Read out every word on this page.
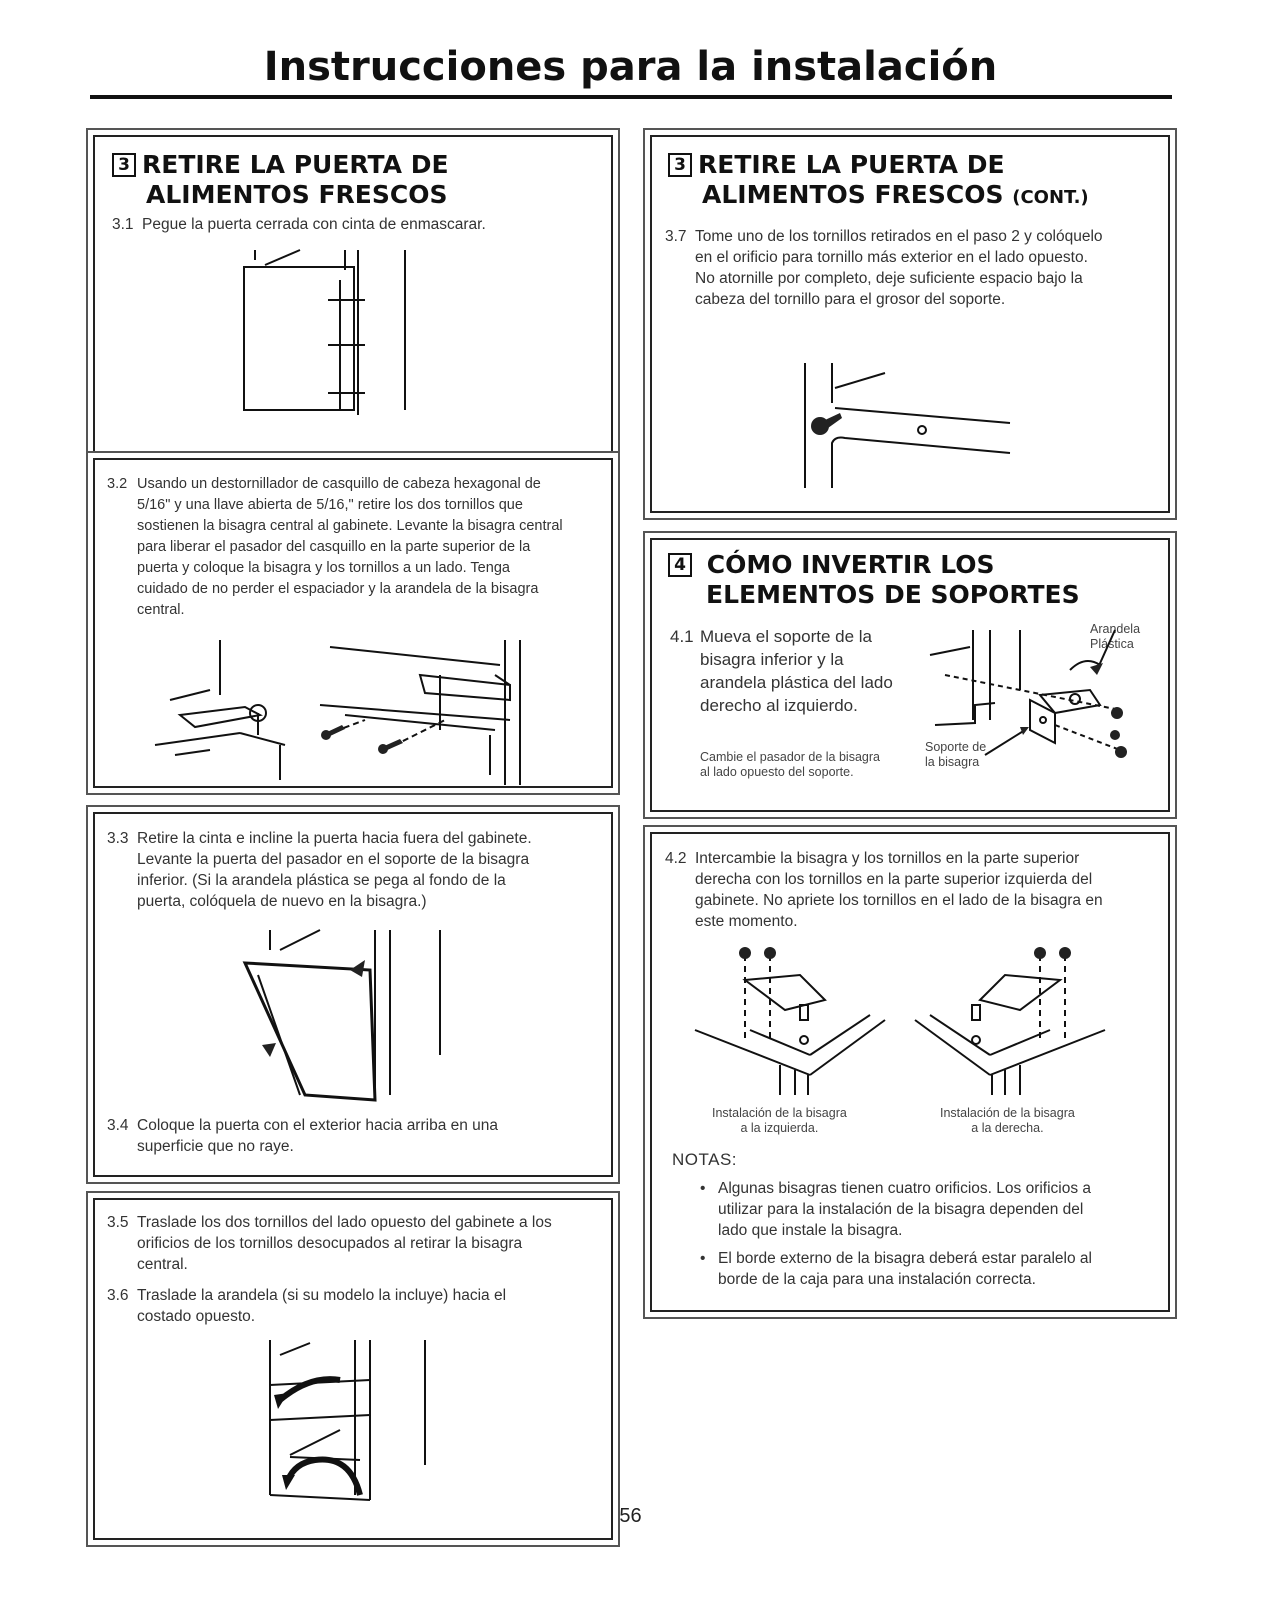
Instrucciones para la instalación
3 RETIRE LA PUERTA DE
ALIMENTOS FRESCOS

3.1 Pegue la puerta cerrada con cinta de enmascarar.

3.2 Usando un destornillador de casquillo de cabeza hexagonal de
5/16" y una llave abierta de 5/16," retire los dos tornillos que
sostienen la bisagra central al gabinete. Levante la bisagra central
para liberar el pasador del casquillo en la parte superior de la
puerta y coloque la bisagra y los tornillos a un lado. Tenga
cuidado de no perder el espaciador y la arandela de la bisagra
central.

3.3 Retire la cinta e incline la puerta hacia fuera del gabinete.
Levante la puerta del pasador en el soporte de la bisagra
inferior. (Si la arandela plástica se pega al fondo de la
puerta, colóquela de nuevo en la bisagra.)

3.4 Coloque la puerta con el exterior hacia arriba en una
superficie que no raye.

3.5 Traslade los dos tornillos del lado opuesto del gabinete a los
orificios de los tornillos desocupados al retirar la bisagra
central.

3.6 Traslade la arandela (si su modelo la incluye) hacia el
costado opuesto.

3 RETIRE LA PUERTA DE
ALIMENTOS FRESCOS (CONT.)

3.7 Tome uno de los tornillos retirados en el paso 2 y colóquelo
en el orificio para tornillo más exterior en el lado opuesto.
No atornille por completo, deje suficiente espacio bajo la
cabeza del tornillo para el grosor del soporte.

4 CÓMO INVERTIR LOS
ELEMENTOS DE SOPORTES

4.1 Mueva el soporte de la
bisagra inferior y la
arandela plástica del lado
derecho al izquierdo.

Cambie el pasador de la bisagra
al lado opuesto del soporte.

Arandela
Plástica

Soporte de
la bisagra

4.2 Intercambie la bisagra y los tornillos en la parte superior
derecha con los tornillos en la parte superior izquierda del
gabinete. No apriete los tornillos en el lado de la bisagra en
este momento.

Instalación de la bisagra
a la izquierda.

Instalación de la bisagra
a la derecha.

NOTAS:

• Algunas bisagras tienen cuatro orificios. Los orificios a
utilizar para la instalación de la bisagra dependen del
lado que instale la bisagra.

• El borde externo de la bisagra deberá estar paralelo al
borde de la caja para una instalación correcta.

56
